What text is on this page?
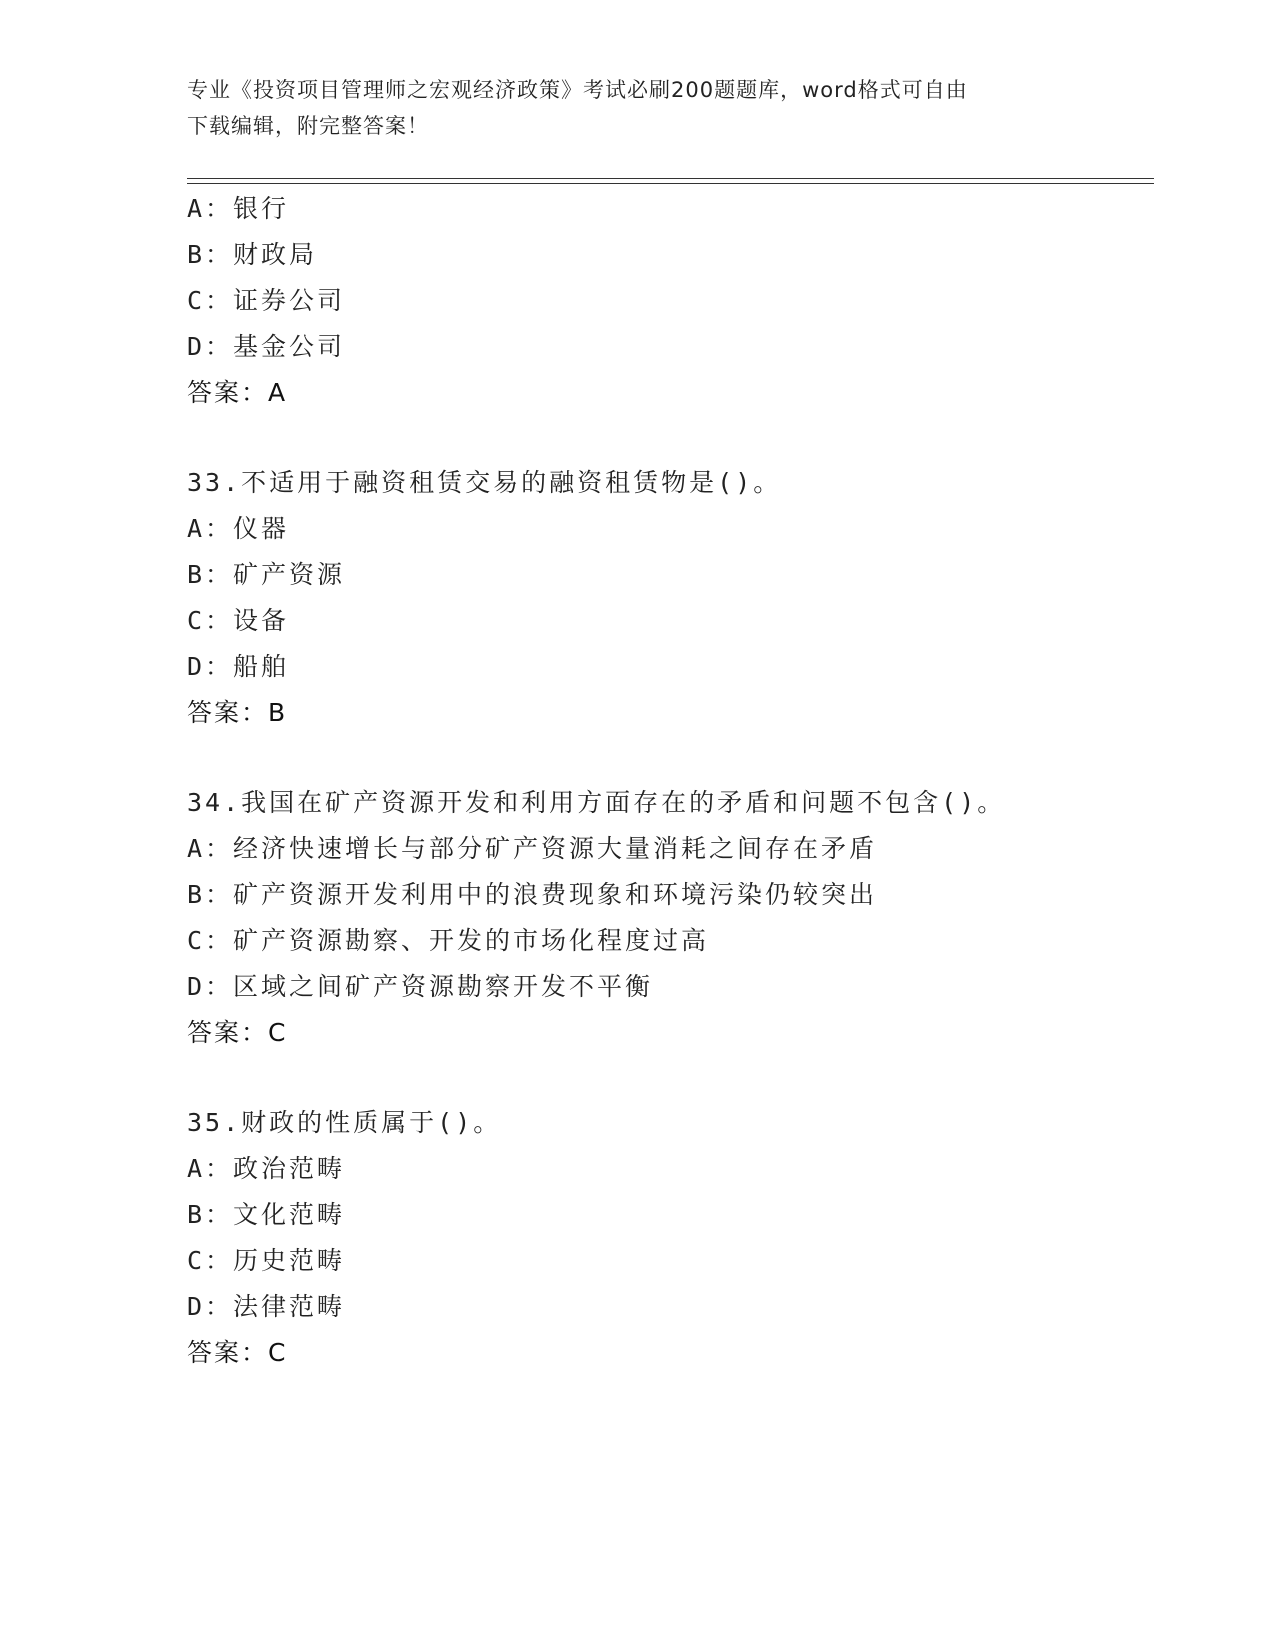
专业《投资项目管理师之宏观经济政策》考试必刷200题题库，word格式可自由
下载编辑，附完整答案！
A：银行
B：财政局
C：证券公司
D：基金公司
答案：A
33.不适用于融资租赁交易的融资租赁物是()。
A：仪器
B：矿产资源
C：设备
D：船舶
答案：B
34.我国在矿产资源开发和利用方面存在的矛盾和问题不包含()。
A：经济快速增长与部分矿产资源大量消耗之间存在矛盾
B：矿产资源开发利用中的浪费现象和环境污染仍较突出
C：矿产资源勘察、开发的市场化程度过高
D：区域之间矿产资源勘察开发不平衡
答案：C
35.财政的性质属于()。
A：政治范畴
B：文化范畴
C：历史范畴
D：法律范畴
答案：C
